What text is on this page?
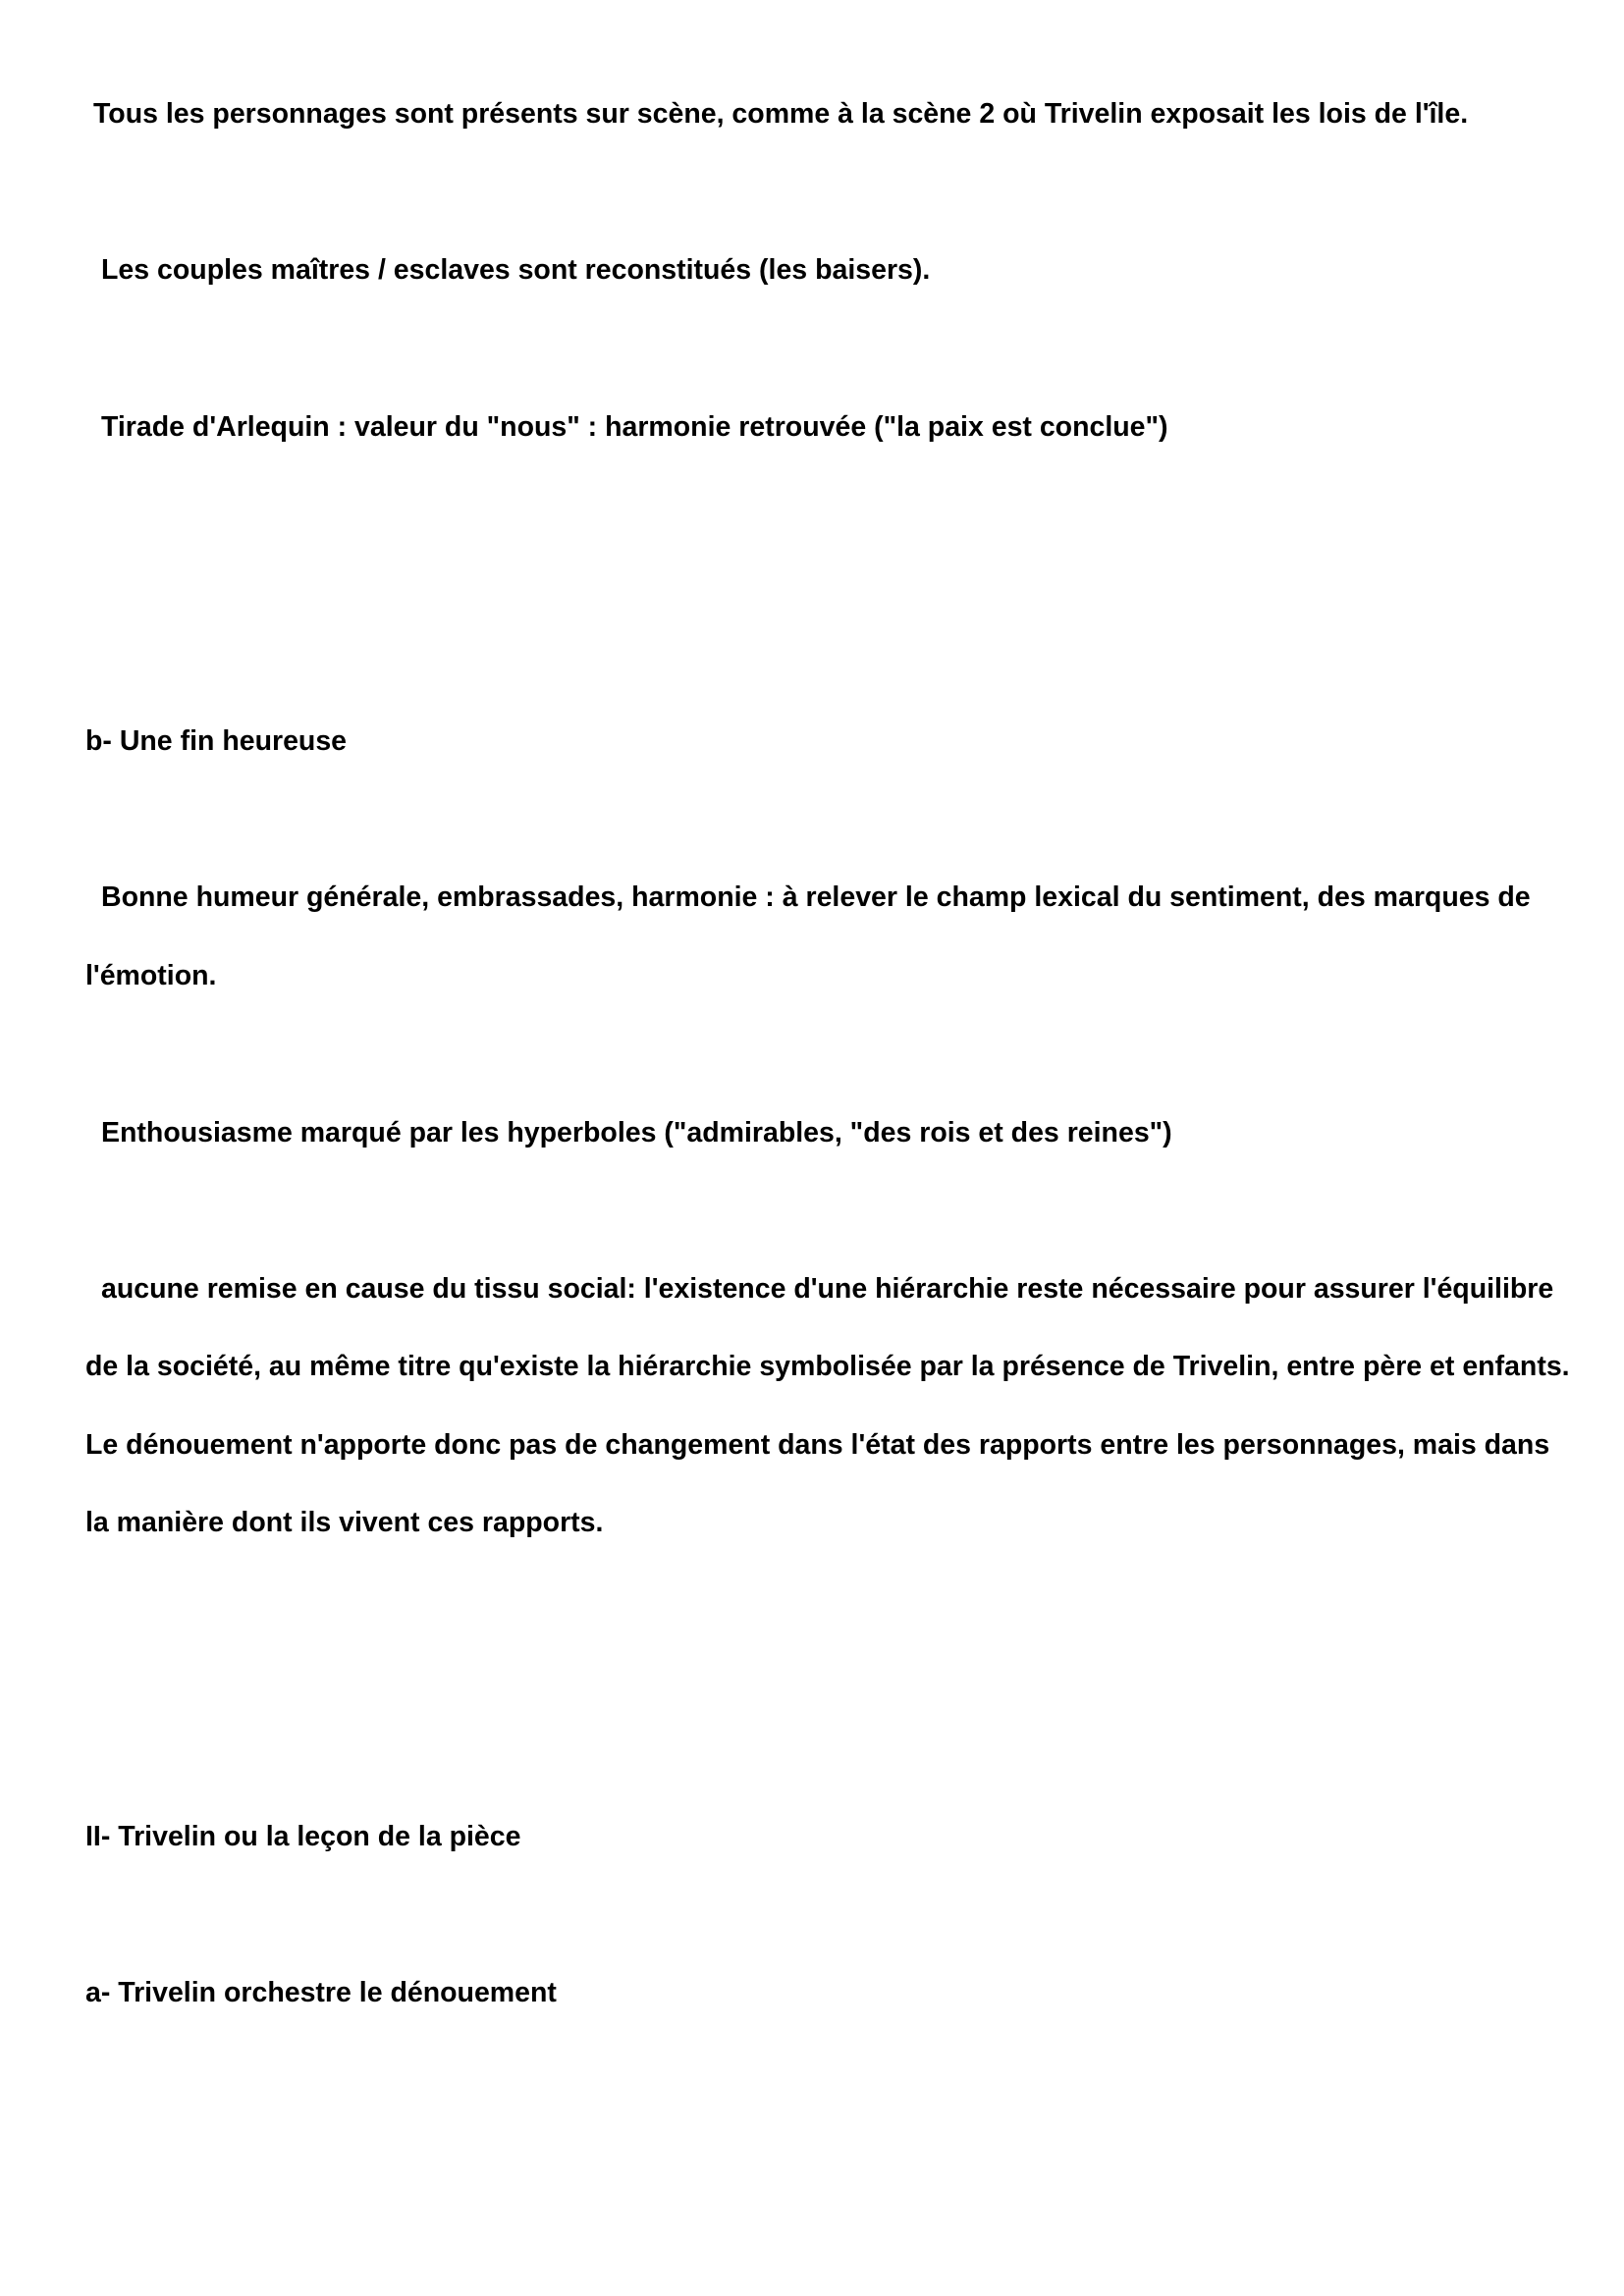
Tous les personnages sont présents sur scène, comme à la scène 2 où Trivelin exposait les lois de l'île.

Les couples maîtres / esclaves sont reconstitués (les baisers).

Tirade d'Arlequin : valeur du "nous" : harmonie retrouvée ("la paix est conclue")

b- Une fin heureuse

Bonne humeur générale, embrassades, harmonie : à relever le champ lexical du sentiment, des marques de

l'émotion.

Enthousiasme marqué par les hyperboles ("admirables, "des rois et des reines")

aucune remise en cause du tissu social: l'existence d'une hiérarchie reste nécessaire pour assurer l'équilibre

de la société, au même titre qu'existe la hiérarchie symbolisée par la présence de Trivelin, entre père et enfants.

Le dénouement n'apporte donc pas de changement dans l'état des rapports entre les personnages, mais dans

la manière dont ils vivent ces rapports.

II- Trivelin ou la leçon de la pièce

a- Trivelin orchestre le dénouement
